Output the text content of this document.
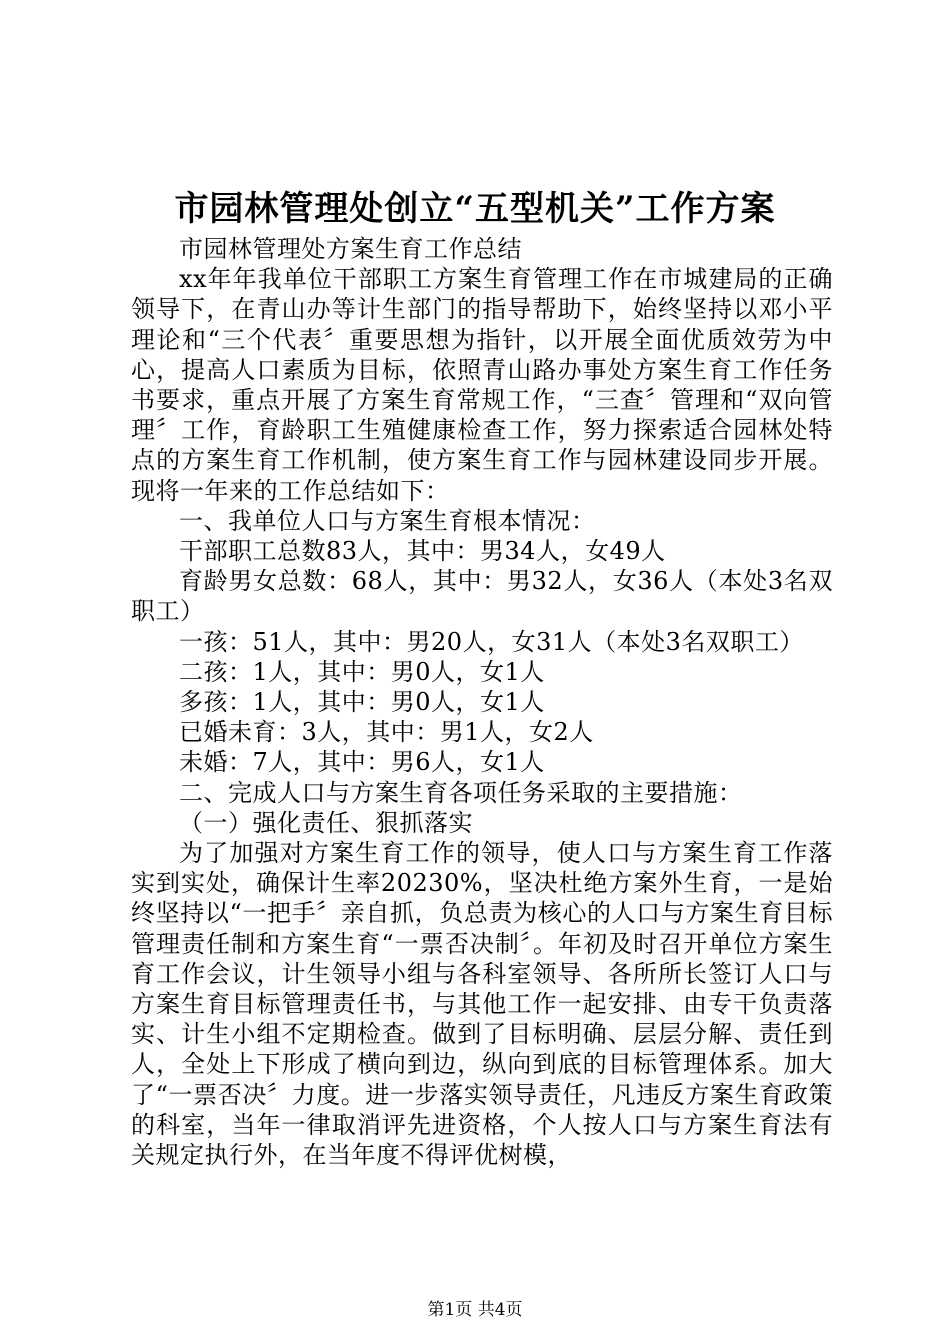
市园林管理处创立“五型机关”工作方案

市园林管理处方案生育工作总结

xx年年我单位干部职工方案生育管理工作在市城建局的正确领导下，在青山办等计生部门的指导帮助下，始终坚持以邓小平理论和“三个代表〞重要思想为指针，以开展全面优质效劳为中心，提高人口素质为目标，依照青山路办事处方案生育工作任务书要求，重点开展了方案生育常规工作，“三查〞管理和“双向管理〞工作，育龄职工生殖健康检查工作，努力探索适合园林处特点的方案生育工作机制，使方案生育工作与园林建设同步开展。现将一年来的工作总结如下：

一、我单位人口与方案生育根本情况：

干部职工总数83人，其中：男34人，女49人

育龄男女总数：68人，其中：男32人，女36人（本处3名双职工）

一孩：51人，其中：男20人，女31人（本处3名双职工）

二孩：1人，其中：男0人，女1人

多孩：1人，其中：男0人，女1人

已婚未育：3人，其中：男1人，女2人

未婚：7人，其中：男6人，女1人

二、完成人口与方案生育各项任务采取的主要措施：

（一）强化责任、狠抓落实

为了加强对方案生育工作的领导，使人口与方案生育工作落实到实处，确保计生率20230%，坚决杜绝方案外生育，一是始终坚持以“一把手〞亲自抓，负总责为核心的人口与方案生育目标管理责任制和方案生育“一票否决制〞。年初及时召开单位方案生育工作会议，计生领导小组与各科室领导、各所所长签订人口与方案生育目标管理责任书，与其他工作一起安排、由专干负责落实、计生小组不定期检查。做到了目标明确、层层分解、责任到人，全处上下形成了横向到边，纵向到底的目标管理体系。加大了“一票否决〞力度。进一步落实领导责任，凡违反方案生育政策的科室，当年一律取消评先进资格，个人按人口与方案生育法有关规定执行外，在当年度不得评优树模，

第1页 共4页
